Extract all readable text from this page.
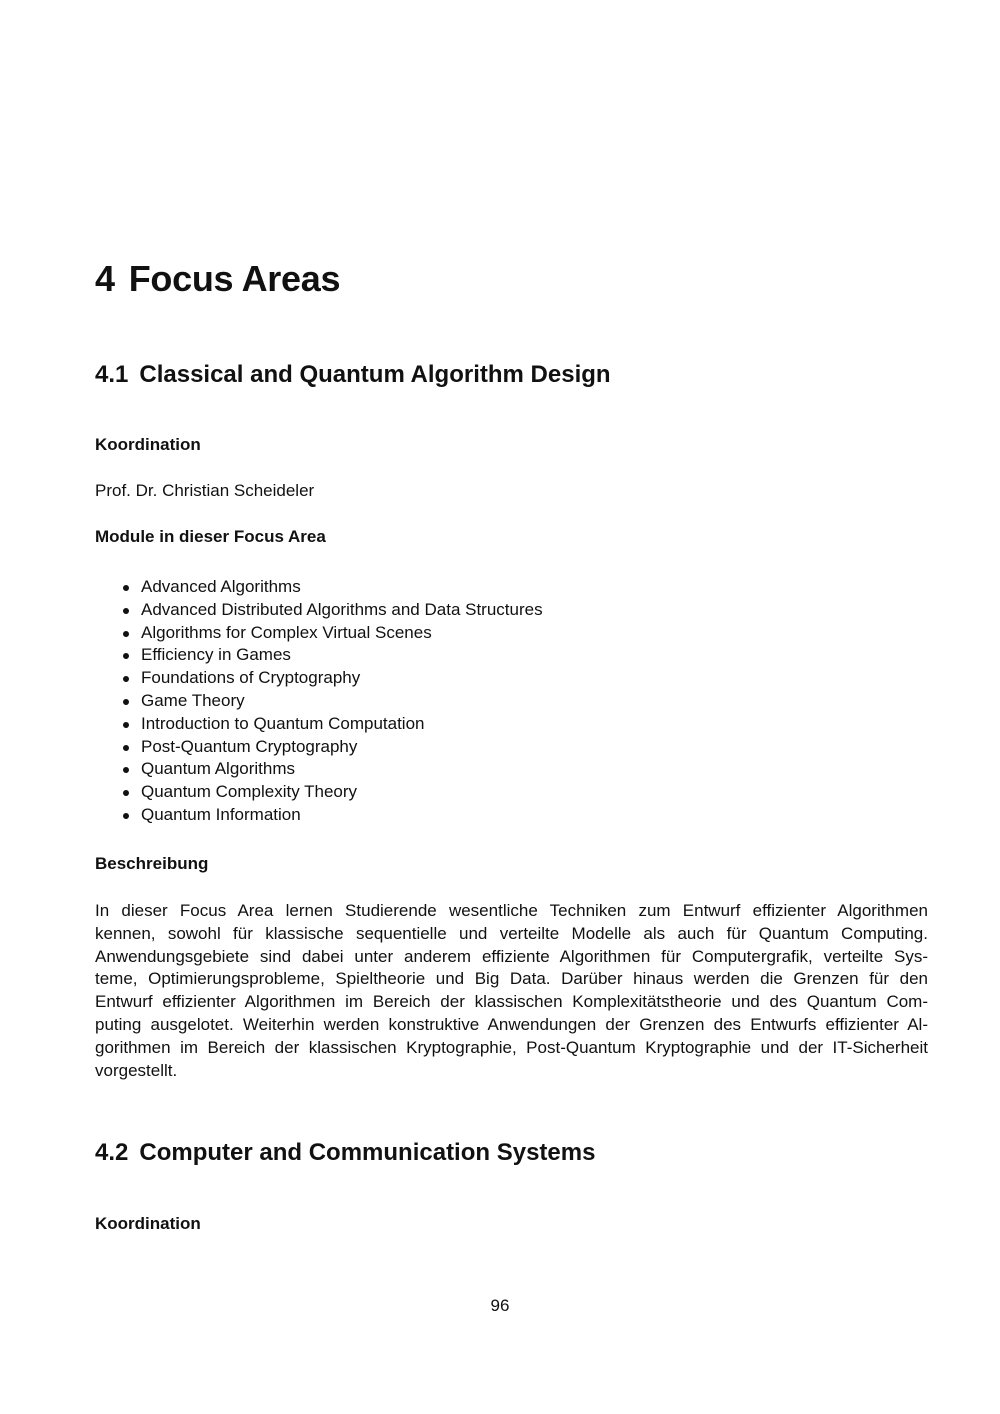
4 Focus Areas
4.1 Classical and Quantum Algorithm Design
Koordination

Prof. Dr. Christian Scheideler

Module in dieser Focus Area
Advanced Algorithms
Advanced Distributed Algorithms and Data Structures
Algorithms for Complex Virtual Scenes
Efficiency in Games
Foundations of Cryptography
Game Theory
Introduction to Quantum Computation
Post-Quantum Cryptography
Quantum Algorithms
Quantum Complexity Theory
Quantum Information
Beschreibung
In dieser Focus Area lernen Studierende wesentliche Techniken zum Entwurf effizienter Algorithmen
kennen, sowohl für klassische sequentielle und verteilte Modelle als auch für Quantum Computing.
Anwendungsgebiete sind dabei unter anderem effiziente Algorithmen für Computergrafik, verteilte Sys-
teme, Optimierungsprobleme, Spieltheorie und Big Data. Darüber hinaus werden die Grenzen für den
Entwurf effizienter Algorithmen im Bereich der klassischen Komplexitätstheorie und des Quantum Com-
puting ausgelotet. Weiterhin werden konstruktive Anwendungen der Grenzen des Entwurfs effizienter Al-
gorithmen im Bereich der klassischen Kryptographie, Post-Quantum Kryptographie und der IT-Sicherheit
vorgestellt.
4.2 Computer and Communication Systems
Koordination

96
